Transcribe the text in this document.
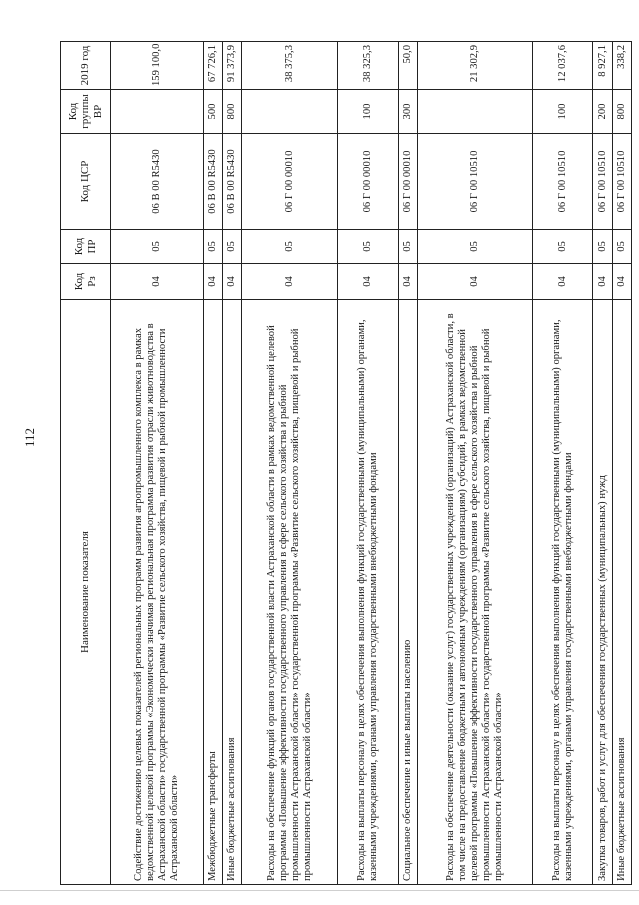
112
Наименование показателя	Код Рз	Код ПР	Код ЦСР	Код группы ВР	2019 год
Содействие достижению целевых показателей региональных программ развития агропромышленного комплекса в рамках ведомственной целевой программы «Экономически значимая региональная программа развития отрасли животноводства в Астраханской области» государственной программы «Развитие сельского хозяйства, пищевой и рыбной промышленности Астраханской области»	04	05	06 В 00 R5430		159 100,0
Межбюджетные трансферты	04	05	06 В 00 R5430	500	67 726,1
Иные бюджетные ассигнования	04	05	06 В 00 R5430	800	91 373,9
Расходы на обеспечение функций органов государственной власти Астраханской области в рамках ведомственной целевой программы «Повышение эффективности государственного управления в сфере сельского хозяйства и рыбной промышленности Астраханской области» государственной программы «Развитие сельского хозяйства, пищевой и рыбной промышленности Астраханской области»	04	05	06 Г 00 00010		38 375,3
Расходы на выплаты персоналу в целях обеспечения выполнения функций государственными (муниципальными) органами, казенными учреждениями, органами управления государственными внебюджетными фондами	04	05	06 Г 00 00010	100	38 325,3
Социальное обеспечение и иные выплаты населению	04	05	06 Г 00 00010	300	50,0
Расходы на обеспечение деятельности (оказание услуг) государственных учреждений (организаций) Астраханской области, в том числе на предоставление бюджетным и автономным учреждениям (организациям) субсидий, в рамках ведомственной целевой программы «Повышение эффективности государственного управления в сфере сельского хозяйства и рыбной промышленности Астраханской области» государственной программы «Развитие сельского хозяйства, пищевой и рыбной промышленности Астраханской области»	04	05	06 Г 00 10510		21 302,9
Расходы на выплаты персоналу в целях обеспечения выполнения функций государственными (муниципальными) органами, казенными учреждениями, органами управления государственными внебюджетными фондами	04	05	06 Г 00 10510	100	12 037,6
Закупка товаров, работ и услуг для обеспечения государственных (муниципальных) нужд	04	05	06 Г 00 10510	200	8 927,1
Иные бюджетные ассигнования	04	05	06 Г 00 10510	800	338,2
